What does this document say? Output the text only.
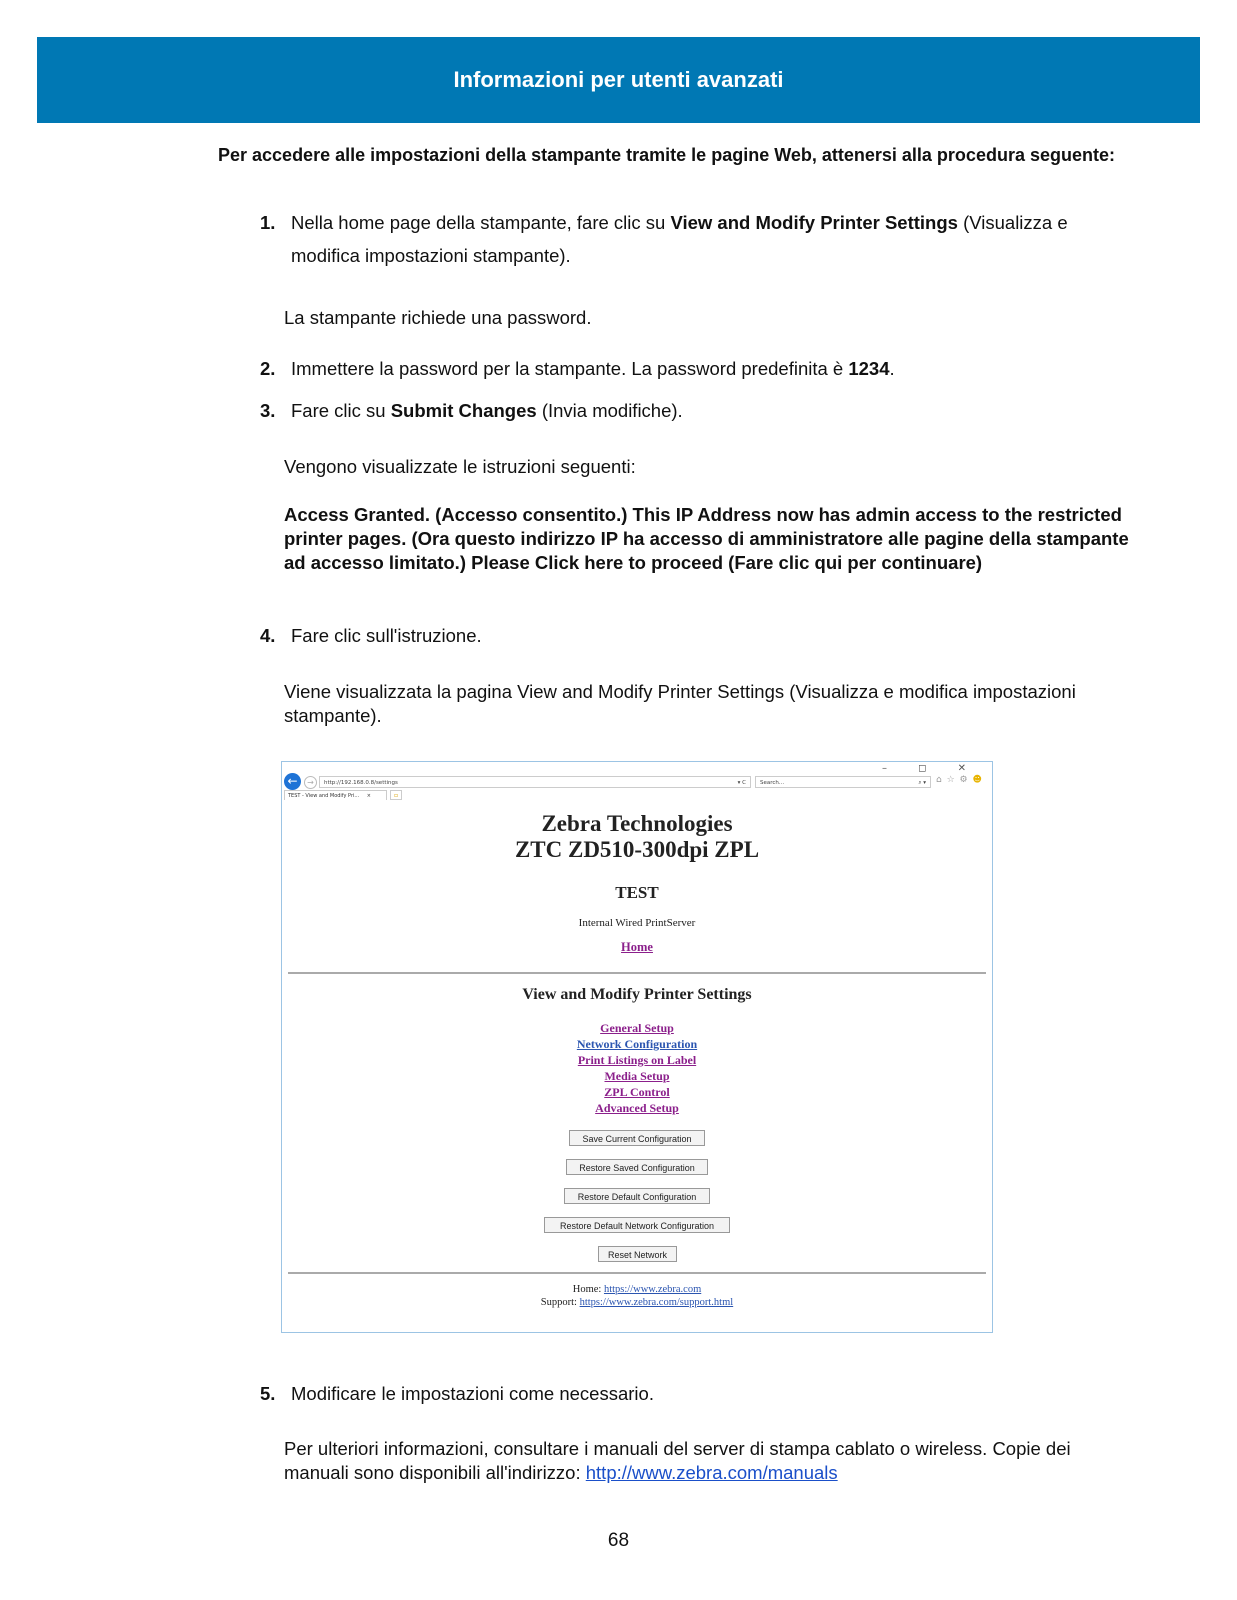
Informazioni per utenti avanzati
Per accedere alle impostazioni della stampante tramite le pagine Web, attenersi alla procedura seguente:
1. Nella home page della stampante, fare clic su View and Modify Printer Settings (Visualizza e modifica impostazioni stampante).
La stampante richiede una password.
2. Immettere la password per la stampante. La password predefinita è 1234.
3. Fare clic su Submit Changes (Invia modifiche).
Vengono visualizzate le istruzioni seguenti:
Access Granted. (Accesso consentito.) This IP Address now has admin access to the restricted printer pages. (Ora questo indirizzo IP ha accesso di amministratore alle pagine della stampante ad accesso limitato.) Please Click here to proceed (Fare clic qui per continuare)
4. Fare clic sull'istruzione.
Viene visualizzata la pagina View and Modify Printer Settings (Visualizza e modifica impostazioni stampante).
– ◻ ✕
←	→	http://192.168.0.8/settings	▾ C	Search...	⌕ ▾ ⌂ ☆ ⚙ ☻
TEST - View and Modify Pri... ×	▫
Zebra Technologies
ZTC ZD510-300dpi ZPL
TEST
Internal Wired PrintServer
Home
View and Modify Printer Settings
General Setup
Network Configuration
Print Listings on Label
Media Setup
ZPL Control
Advanced Setup
Save Current Configuration
Restore Saved Configuration
Restore Default Configuration
Restore Default Network Configuration
Reset Network
Home: https://www.zebra.com
Support: https://www.zebra.com/support.html
5. Modificare le impostazioni come necessario.
Per ulteriori informazioni, consultare i manuali del server di stampa cablato o wireless. Copie dei manuali sono disponibili all'indirizzo: http://www.zebra.com/manuals
68
